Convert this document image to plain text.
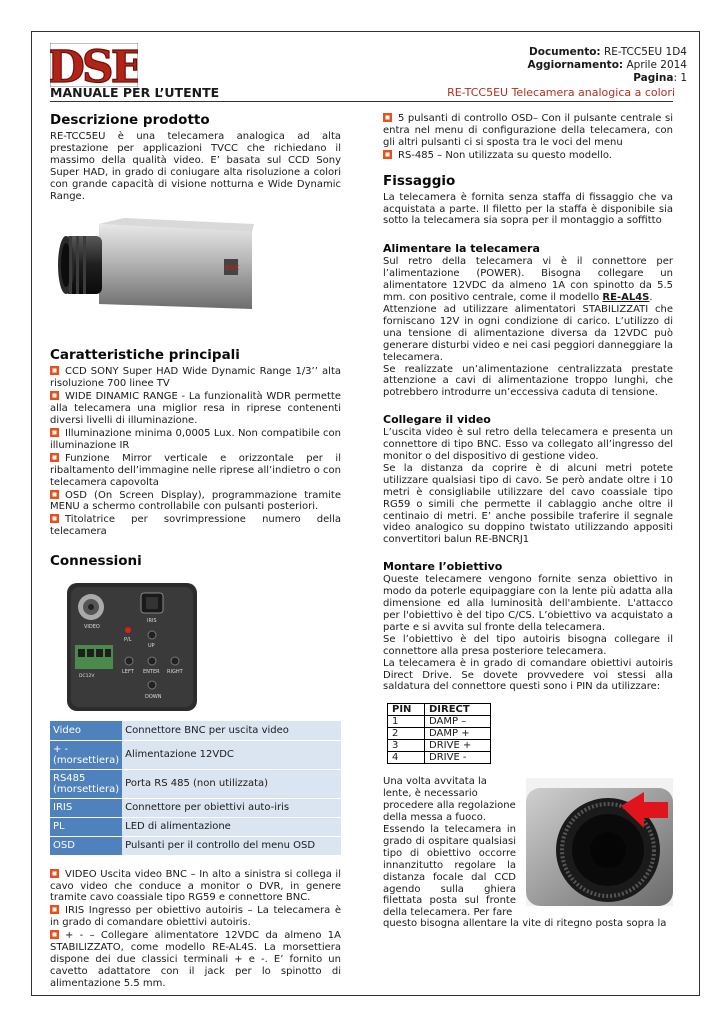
DSE
MANUALE PER L’UTENTE
Documento: RE-TCC5EU 1D4
Aggiornamento: Aprile 2014
Pagina: 1
RE-TCC5EU Telecamera analogica a colori
Descrizione prodotto

RE-TCC5EU è una telecamera analogica ad alta prestazione per applicazioni TVCC che richiedano il massimo della qualità video. E’ basata sul CCD Sony Super HAD, in grado di coniugare alta risoluzione a colori con grande capacità di visione notturna e Wide Dynamic Range.

DSE
Caratteristiche principali

CCD SONY Super HAD Wide Dynamic Range 1/3’’ alta risoluzione 700 linee TV

WIDE DINAMIC RANGE - La funzionalità WDR permette alla telecamera una miglior resa in riprese contenenti diversi livelli di illuminazione.

Illuminazione minima 0,0005 Lux. Non compatibile con illuminazione IR

Funzione Mirror verticale e orizzontale per il ribaltamento dell’immagine nelle riprese all’indietro o con telecamera capovolta

OSD (On Screen Display), programmazione tramite MENU a schermo controllabile con pulsanti posteriori.

Titolatrice per sovrimpressione numero della telecamera

Connessioni
VIDEO
IRIS
P/L
UP
LEFT ENTER RIGHT
DOWN
DC12V
Video	Connettore BNC per uscita video
+ - (morsettiera)	Alimentazione 12VDC
RS485 (morsettiera)	Porta RS 485 (non utilizzata)
IRIS	Connettore per obiettivi auto-iris
PL	LED di alimentazione
OSD	Pulsanti per il controllo del menu OSD

VIDEO Uscita video BNC – In alto a sinistra si collega il cavo video che conduce a monitor o DVR, in genere tramite cavo coassiale tipo RG59 e connettore BNC.

IRIS Ingresso per obiettivo autoiris – La telecamera è in grado di comandare obiettivi autoiris.

+ - – Collegare alimentatore 12VDC da almeno 1A STABILIZZATO, come modello RE-AL4S. La morsettiera dispone dei due classici terminali + e -. E’ fornito un cavetto adattatore con il jack per lo spinotto di alimentazione 5.5 mm.

5 pulsanti di controllo OSD– Con il pulsante centrale si entra nel menu di configurazione della telecamera, con gli altri pulsanti ci si sposta tra le voci del menu

RS-485 – Non utilizzata su questo modello.

Fissaggio

La telecamera è fornita senza staffa di fissaggio che va acquistata a parte. Il filetto per la staffa è disponibile sia sotto la telecamera sia sopra per il montaggio a soffitto

Alimentare la telecamera

Sul retro della telecamera vi è il connettore per l’alimentazione (POWER). Bisogna collegare un alimentatore 12VDC da almeno 1A con spinotto da 5.5 mm. con positivo centrale, come il modello RE-AL4S.

Attenzione ad utilizzare alimentatori STABILIZZATI che forniscano 12V in ogni condizione di carico. L’utilizzo di una tensione di alimentazione diversa da 12VDC può generare disturbi video e nei casi peggiori danneggiare la telecamera.

Se realizzate un’alimentazione centralizzata prestate attenzione a cavi di alimentazione troppo lunghi, che potrebbero introdurre un’eccessiva caduta di tensione.

Collegare il video

L’uscita video è sul retro della telecamera e presenta un connettore di tipo BNC. Esso va collegato all’ingresso del monitor o del dispositivo di gestione video.

Se la distanza da coprire è di alcuni metri potete utilizzare qualsiasi tipo di cavo. Se però andate oltre i 10 metri è consigliabile utilizzare del cavo coassiale tipo RG59 o simili che permette il cablaggio anche oltre il centinaio di metri. E’ anche possibile traferire il segnale video analogico su doppino twistato utilizzando appositi convertitori balun RE-BNCRJ1

Montare l’obiettivo

Queste telecamere vengono fornite senza obiettivo in modo da poterle equipaggiare con la lente più adatta alla dimensione ed alla luminosità dell'ambiente. L'attacco per l'obiettivo è del tipo C/CS. L’obiettivo va acquistato a parte e si avvita sul fronte della telecamera.

Se l’obiettivo è del tipo autoiris bisogna collegare il connettore alla presa posteriore telecamera.

La telecamera è in grado di comandare obiettivi autoiris Direct Drive. Se dovete provvedere voi stessi alla saldatura del connettore questi sono i PIN da utilizzare:

PIN	DIRECT
1	DAMP –
2	DAMP +
3	DRIVE +
4	DRIVE -

Una volta avvitata la lente, è necessario procedere alla regolazione della messa a fuoco.

Essendo la telecamera in grado di ospitare qualsiasi tipo di obiettivo occorre innanzitutto regolare la distanza focale dal CCD agendo sulla ghiera filettata posta sul fronte della telecamera. Per fare

questo bisogna allentare la vite di ritegno posta sopra la
